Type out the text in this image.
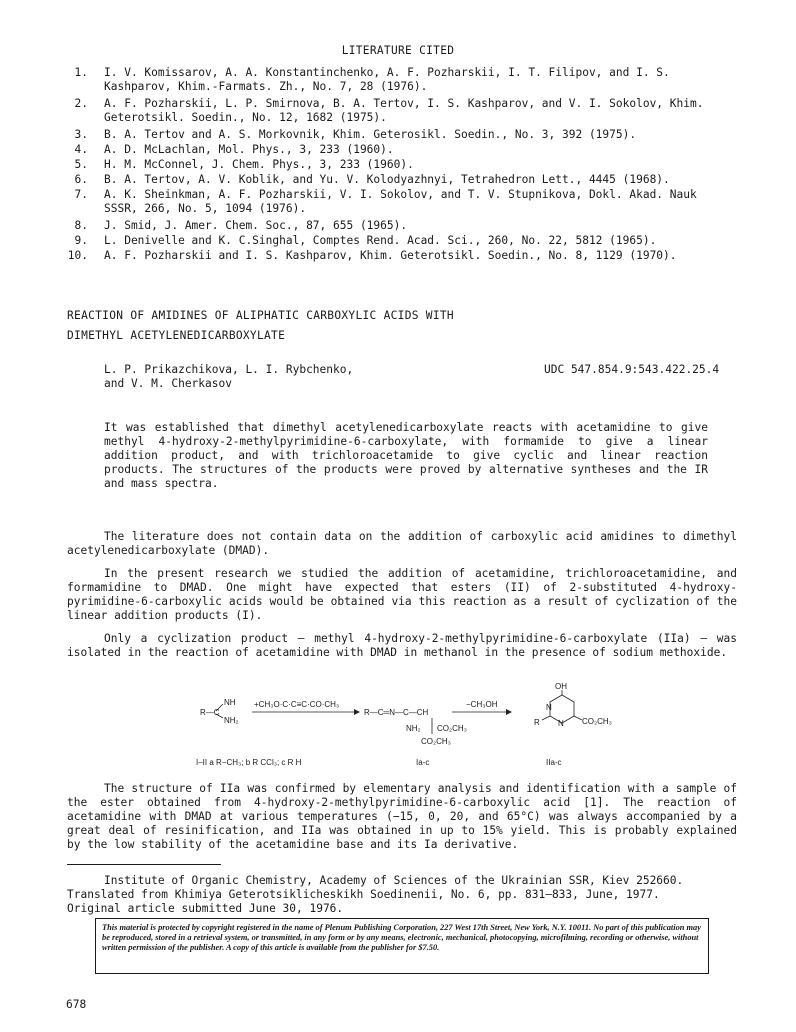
LITERATURE CITED
1. I. V. Komissarov, A. A. Konstantinchenko, A. F. Pozharskii, I. T. Filipov, and I. S.
Kashparov, Khim.-Farmats. Zh., No. 7, 28 (1976).
2. A. F. Pozharskii, L. P. Smirnova, B. A. Tertov, I. S. Kashparov, and V. I. Sokolov, Khim.
Geterotsikl. Soedin., No. 12, 1682 (1975).
3. B. A. Tertov and A. S. Morkovnik, Khim. Geterosikl. Soedin., No. 3, 392 (1975).
4. A. D. McLachlan, Mol. Phys., 3, 233 (1960).
5. H. M. McConnel, J. Chem. Phys., 3, 233 (1960).
6. B. A. Tertov, A. V. Koblik, and Yu. V. Kolodyazhnyi, Tetrahedron Lett., 4445 (1968).
7. A. K. Sheinkman, A. F. Pozharskii, V. I. Sokolov, and T. V. Stupnikova, Dokl. Akad. Nauk
SSSR, 266, No. 5, 1094 (1976).
8. J. Smid, J. Amer. Chem. Soc., 87, 655 (1965).
9. L. Denivelle and K. C.Singhal, Comptes Rend. Acad. Sci., 260, No. 22, 5812 (1965).
10. A. F. Pozharskii and I. S. Kashparov, Khim. Geterotsikl. Soedin., No. 8, 1129 (1970).
REACTION OF AMIDINES OF ALIPHATIC CARBOXYLIC ACIDS WITH
DIMETHYL ACETYLENEDICARBOXYLATE
L. P. Prikazchikova, L. I. Rybchenko,
and V. M. Cherkasov
UDC 547.854.9:543.422.25.4
It was established that dimethyl acetylenedicarboxylate reacts with acetamidine to give methyl 4-hydroxy-2-methylpyrimidine-6-carboxylate, with formamide to give a linear addition product, and with trichloroacetamide to give cyclic and linear reaction products. The structures of the products were proved by alternative syntheses and the IR and mass spectra.
The literature does not contain data on the addition of carboxylic acid amidines to dimethyl acetylenedicarboxylate (DMAD).
In the present research we studied the addition of acetamidine, trichloroacetamidine, and formamidine to DMAD. One might have expected that esters (II) of 2-substituted 4-hydroxy-pyrimidine-6-carboxylic acids would be obtained via this reaction as a result of cyclization of the linear addition products (I).
Only a cyclization product — methyl 4-hydroxy-2-methylpyrimidine-6-carboxylate (IIa) — was isolated in the reaction of acetamidine with DMAD in methanol in the presence of sodium methoxide.
R—C
NH
NH₂
+CH₃O·C·C≡C·CO·CH₃
R—C═N—C—CH
NH₂ CO₂CH₃
CO₂CH₃
−CH₃OH
OH
N
N
R	CO₂CH₃
I–II a R−CH₃; b R CCl₃; c R H	Ia-c	IIa-c
The structure of IIa was confirmed by elementary analysis and identification with a sample of the ester obtained from 4-hydroxy-2-methylpyrimidine-6-carboxylic acid [1]. The reaction of acetamidine with DMAD at various temperatures (−15, 0, 20, and 65°C) was always accompanied by a great deal of resinification, and IIa was obtained in up to 15% yield. This is probably explained by the low stability of the acetamidine base and its Ia derivative.
Institute of Organic Chemistry, Academy of Sciences of the Ukrainian SSR, Kiev 252660.
Translated from Khimiya Geterotsiklicheskikh Soedinenii, No. 6, pp. 831–833, June, 1977.
Original article submitted June 30, 1976.
This material is protected by copyright registered in the name of Plenum Publishing Corporation, 227 West 17th Street, New York, N.Y. 10011. No part of this publication may be reproduced, stored in a retrieval system, or transmitted, in any form or by any means, electronic, mechanical, photocopying, microfilming, recording or otherwise, without written permission of the publisher. A copy of this article is available from the publisher for $7.50.
678
